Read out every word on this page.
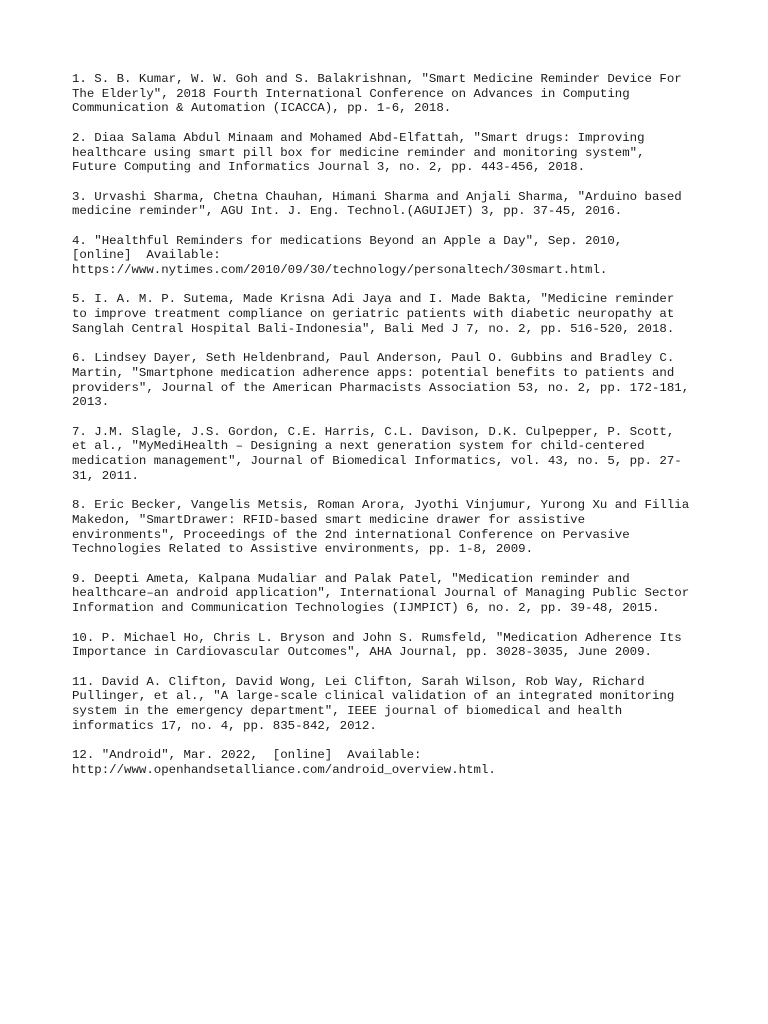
1. S. B. Kumar, W. W. Goh and S. Balakrishnan, "Smart Medicine Reminder Device For
The Elderly", 2018 Fourth International Conference on Advances in Computing
Communication & Automation (ICACCA), pp. 1-6, 2018.

2. Diaa Salama Abdul Minaam and Mohamed Abd-Elfattah, "Smart drugs: Improving
healthcare using smart pill box for medicine reminder and monitoring system",
Future Computing and Informatics Journal 3, no. 2, pp. 443-456, 2018.

3. Urvashi Sharma, Chetna Chauhan, Himani Sharma and Anjali Sharma, "Arduino based
medicine reminder", AGU Int. J. Eng. Technol.(AGUIJET) 3, pp. 37-45, 2016.

4. "Healthful Reminders for medications Beyond an Apple a Day", Sep. 2010,
[online]  Available:
https://www.nytimes.com/2010/09/30/technology/personaltech/30smart.html.

5. I. A. M. P. Sutema, Made Krisna Adi Jaya and I. Made Bakta, "Medicine reminder
to improve treatment compliance on geriatric patients with diabetic neuropathy at
Sanglah Central Hospital Bali-Indonesia", Bali Med J 7, no. 2, pp. 516-520, 2018.

6. Lindsey Dayer, Seth Heldenbrand, Paul Anderson, Paul O. Gubbins and Bradley C.
Martin, "Smartphone medication adherence apps: potential benefits to patients and
providers", Journal of the American Pharmacists Association 53, no. 2, pp. 172-181,
2013.

7. J.M. Slagle, J.S. Gordon, C.E. Harris, C.L. Davison, D.K. Culpepper, P. Scott,
et al., "MyMediHealth – Designing a next generation system for child-centered
medication management", Journal of Biomedical Informatics, vol. 43, no. 5, pp. 27-
31, 2011.

8. Eric Becker, Vangelis Metsis, Roman Arora, Jyothi Vinjumur, Yurong Xu and Fillia
Makedon, "SmartDrawer: RFID-based smart medicine drawer for assistive
environments", Proceedings of the 2nd international Conference on Pervasive
Technologies Related to Assistive environments, pp. 1-8, 2009.

9. Deepti Ameta, Kalpana Mudaliar and Palak Patel, "Medication reminder and
healthcare–an android application", International Journal of Managing Public Sector
Information and Communication Technologies (IJMPICT) 6, no. 2, pp. 39-48, 2015.

10. P. Michael Ho, Chris L. Bryson and John S. Rumsfeld, "Medication Adherence Its
Importance in Cardiovascular Outcomes", AHA Journal, pp. 3028-3035, June 2009.

11. David A. Clifton, David Wong, Lei Clifton, Sarah Wilson, Rob Way, Richard
Pullinger, et al., "A large-scale clinical validation of an integrated monitoring
system in the emergency department", IEEE journal of biomedical and health
informatics 17, no. 4, pp. 835-842, 2012.

12. "Android", Mar. 2022,  [online]  Available:
http://www.openhandsetalliance.com/android_overview.html.
